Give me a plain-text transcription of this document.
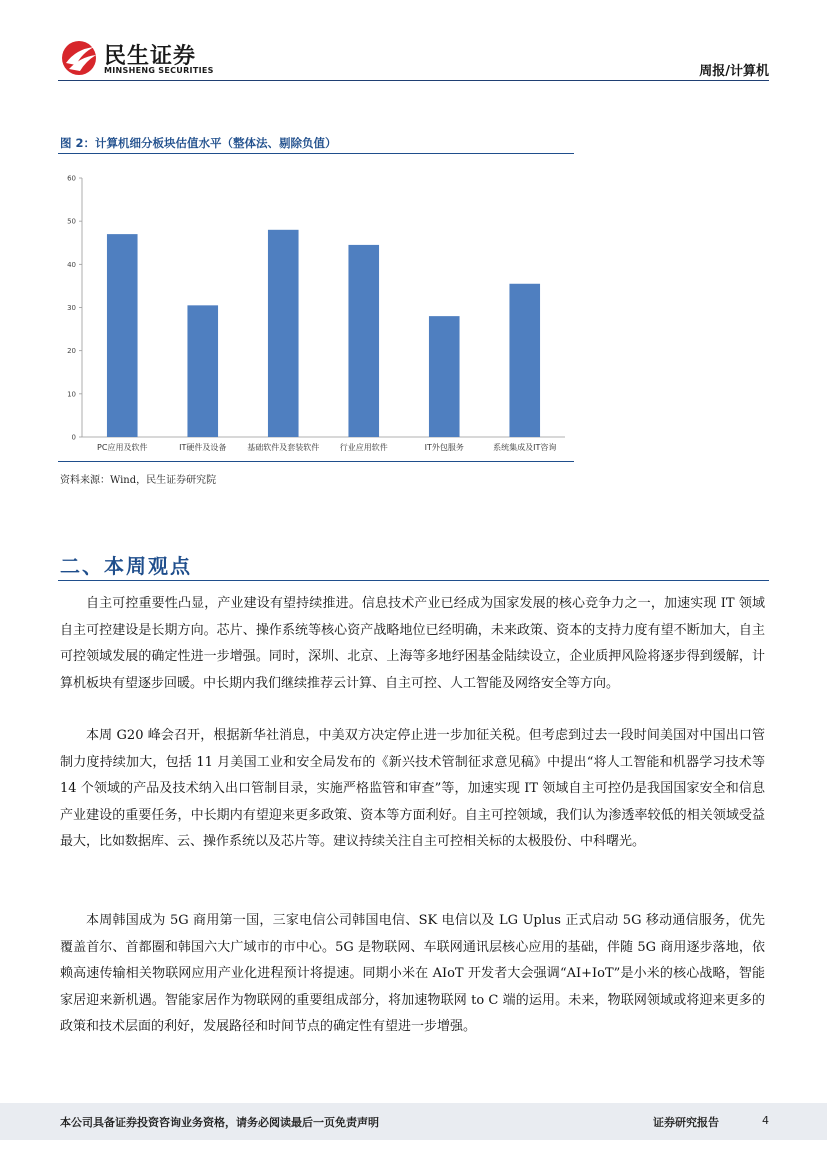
民生证券
MINSHENG SECURITIES	周报/计算机
图 2：计算机细分板块估值水平（整体法、剔除负值）
0
10
20
30
40
50
60
PC应用及软件	IT硬件及设备	基础软件及套装软件	行业应用软件	IT外包服务	系统集成及IT咨询
资料来源：Wind，民生证券研究院
二、本周观点
自主可控重要性凸显，产业建设有望持续推进。信息技术产业已经成为国家发展的核心竞争力之一，加速实现 IT 领域自主可控建设是长期方向。芯片、操作系统等核心资产战略地位已经明确，未来政策、资本的支持力度有望不断加大，自主可控领域发展的确定性进一步增强。同时，深圳、北京、上海等多地纾困基金陆续设立，企业质押风险将逐步得到缓解，计算机板块有望逐步回暖。中长期内我们继续推荐云计算、自主可控、人工智能及网络安全等方向。
本周 G20 峰会召开，根据新华社消息，中美双方决定停止进一步加征关税。但考虑到过去一段时间美国对中国出口管制力度持续加大，包括 11 月美国工业和安全局发布的《新兴技术管制征求意见稿》中提出“将人工智能和机器学习技术等 14 个领域的产品及技术纳入出口管制目录，实施严格监管和审查”等，加速实现 IT 领域自主可控仍是我国国家安全和信息产业建设的重要任务，中长期内有望迎来更多政策、资本等方面利好。自主可控领域，我们认为渗透率较低的相关领域受益最大，比如数据库、云、操作系统以及芯片等。建议持续关注自主可控相关标的太极股份、中科曙光。
本周韩国成为 5G 商用第一国，三家电信公司韩国电信、SK 电信以及 LG Uplus 正式启动 5G 移动通信服务，优先覆盖首尔、首都圈和韩国六大广域市的市中心。5G 是物联网、车联网通讯层核心应用的基础，伴随 5G 商用逐步落地，依赖高速传输相关物联网应用产业化进程预计将提速。同期小米在 AIoT 开发者大会强调“AI+IoT”是小米的核心战略，智能家居迎来新机遇。智能家居作为物联网的重要组成部分，将加速物联网 to C 端的运用。未来，物联网领域或将迎来更多的政策和技术层面的利好，发展路径和时间节点的确定性有望进一步增强。
本公司具备证券投资咨询业务资格，请务必阅读最后一页免责声明	证券研究报告	4
